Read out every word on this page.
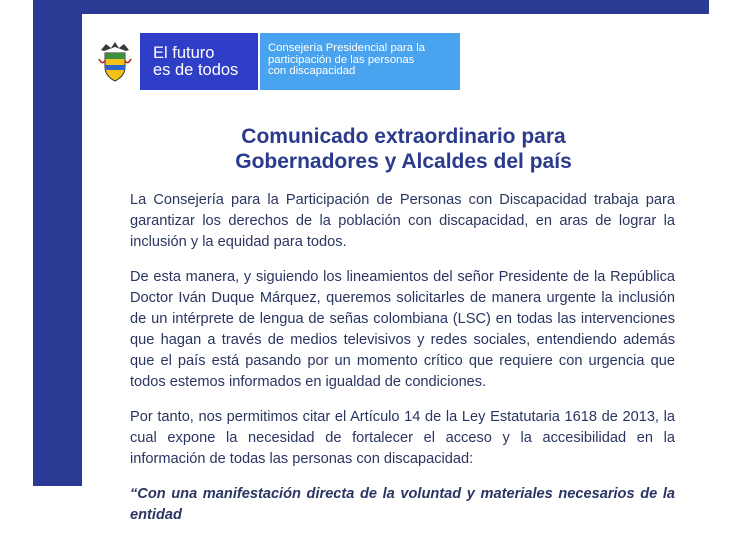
El futuro
es de todos
Consejería Presidencial para la
participación de las personas
con discapacidad
Comunicado extraordinario para
Gobernadores y Alcaldes del país

La Consejería para la Participación de Personas con Discapacidad trabaja para garantizar los derechos de la población con discapacidad, en aras de lograr la inclusión y la equidad para todos.

De esta manera, y siguiendo los lineamientos del señor Presidente de la República Doctor Iván Duque Márquez, queremos solicitarles de manera urgente la inclusión de un intérprete de lengua de señas colombiana (LSC) en todas las intervenciones que hagan a través de medios televisivos y redes sociales, entendiendo además que el país está pasando por un momento crítico que requiere con urgencia que todos estemos informados en igualdad de condiciones.

Por tanto, nos permitimos citar el Artículo 14 de la Ley Estatutaria 1618 de 2013, la cual expone la necesidad de fortalecer el acceso y la accesibilidad en la información de todas las personas con discapacidad:

“Con una manifestación directa de la voluntad y materiales necesarios de la entidad
